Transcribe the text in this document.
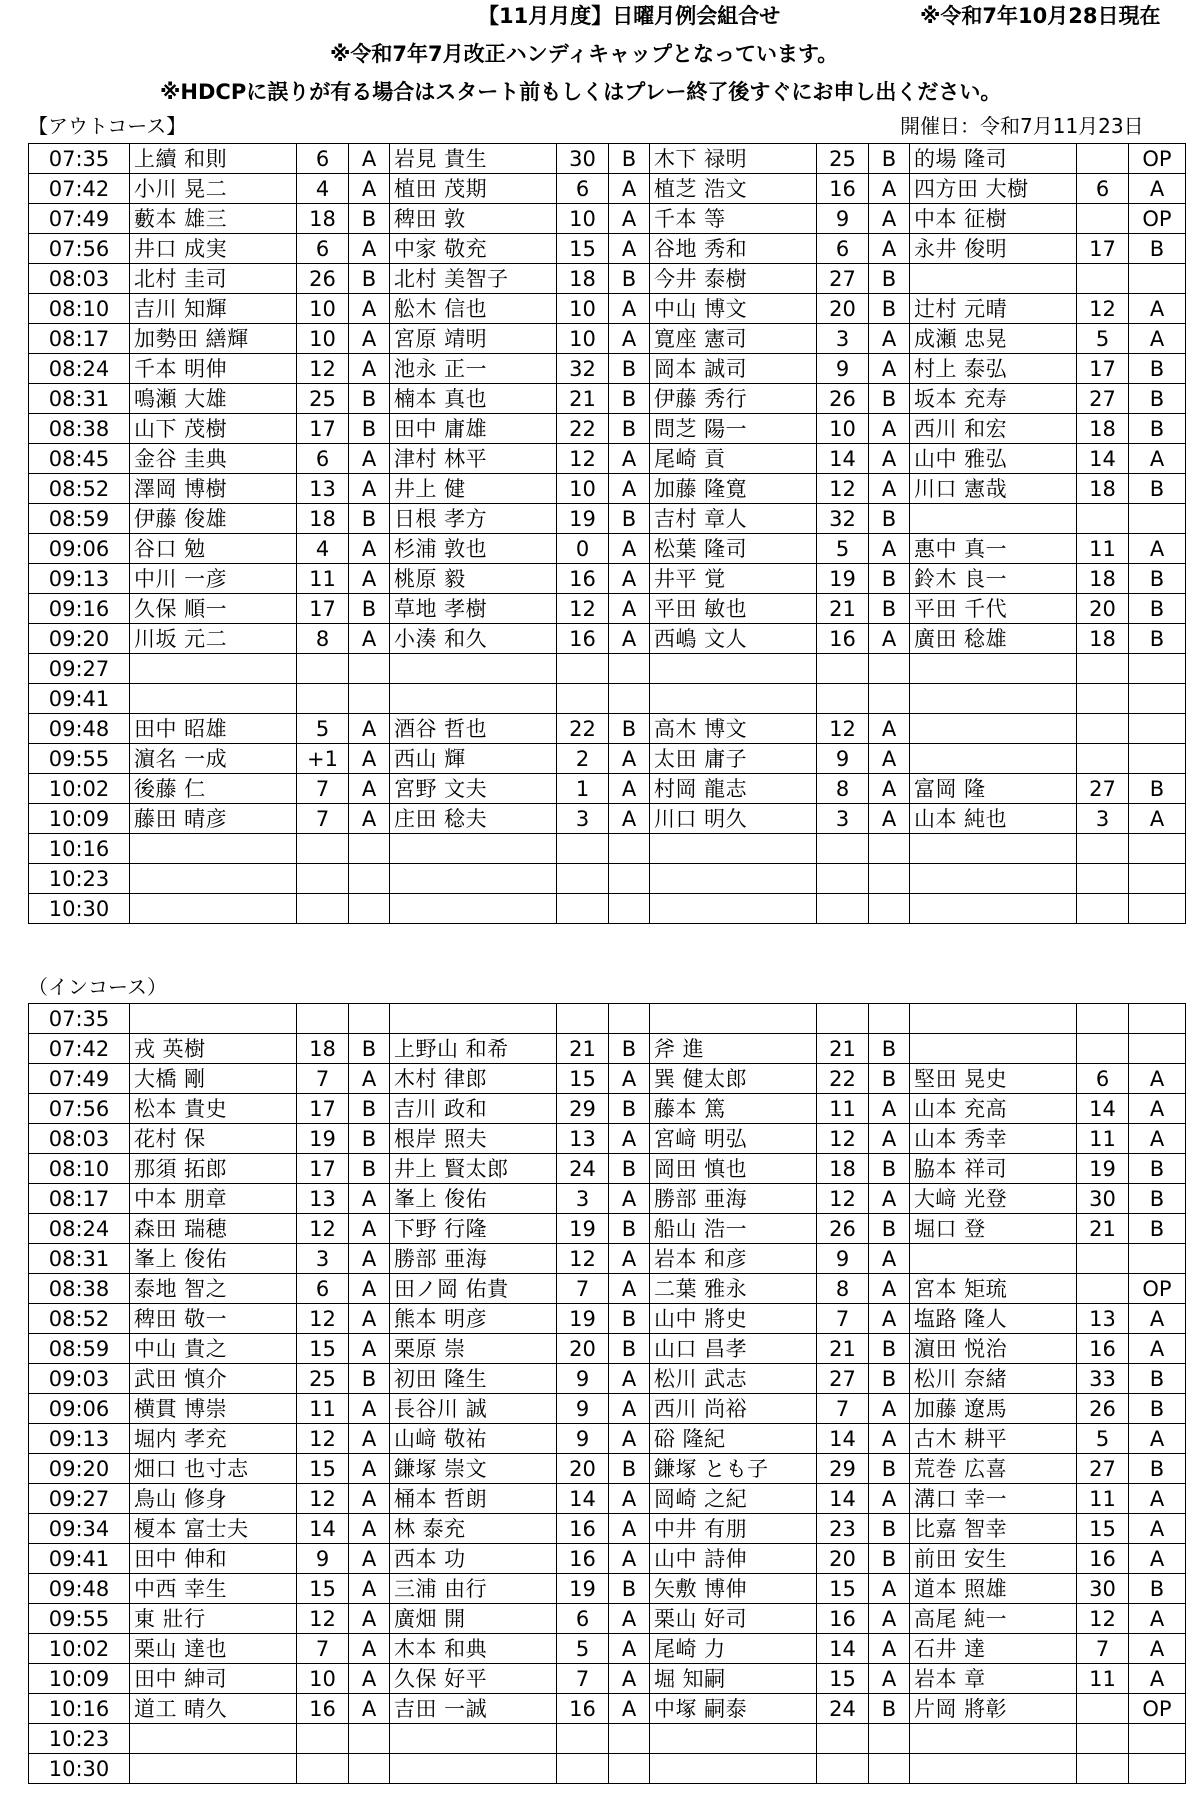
【11月月度】日曜月例会組合せ	※令和7年10月28日現在
※令和7年7月改正ハンディキャップとなっています。
※HDCPに誤りが有る場合はスタート前もしくはプレー終了後すぐにお申し出ください。
【アウトコース】	開催日：令和7月11月23日
07:35	上續 和則	6	A	岩見 貴生	30	B	木下 禄明	25	B	的場 隆司		OP
07:42	小川 晃二	4	A	植田 茂期	6	A	植芝 浩文	16	A	四方田 大樹	6	A
07:49	藪本 雄三	18	B	稗田 敦	10	A	千本 等	9	A	中本 征樹		OP
07:56	井口 成実	6	A	中家 敬充	15	A	谷地 秀和	6	A	永井 俊明	17	B
08:03	北村 圭司	26	B	北村 美智子	18	B	今井 泰樹	27	B			
08:10	吉川 知輝	10	A	舩木 信也	10	A	中山 博文	20	B	辻村 元晴	12	A
08:17	加勢田 繕輝	10	A	宮原 靖明	10	A	寛座 憲司	3	A	成瀬 忠晃	5	A
08:24	千本 明伸	12	A	池永 正一	32	B	岡本 誠司	9	A	村上 泰弘	17	B
08:31	鳴瀬 大雄	25	B	楠本 真也	21	B	伊藤 秀行	26	B	坂本 充寿	27	B
08:38	山下 茂樹	17	B	田中 庸雄	22	B	問芝 陽一	10	A	西川 和宏	18	B
08:45	金谷 圭典	6	A	津村 林平	12	A	尾崎 貢	14	A	山中 雅弘	14	A
08:52	澤岡 博樹	13	A	井上 健	10	A	加藤 隆寛	12	A	川口 憲哉	18	B
08:59	伊藤 俊雄	18	B	日根 孝方	19	B	吉村 章人	32	B			
09:06	谷口 勉	4	A	杉浦 敦也	0	A	松葉 隆司	5	A	惠中 真一	11	A
09:13	中川 一彦	11	A	桃原 毅	16	A	井平 覚	19	B	鈴木 良一	18	B
09:16	久保 順一	17	B	草地 孝樹	12	A	平田 敏也	21	B	平田 千代	20	B
09:20	川坂 元二	8	A	小湊 和久	16	A	西嶋 文人	16	A	廣田 稔雄	18	B
09:27												
09:41												
09:48	田中 昭雄	5	A	酒谷 哲也	22	B	高木 博文	12	A			
09:55	濵名 一成	+1	A	西山 輝	2	A	太田 庸子	9	A			
10:02	後藤 仁	7	A	宮野 文夫	1	A	村岡 龍志	8	A	富岡 隆	27	B
10:09	藤田 晴彦	7	A	庄田 稔夫	3	A	川口 明久	3	A	山本 純也	3	A
10:16												
10:23												
10:30												
（インコース）
07:35												
07:42	戎 英樹	18	B	上野山 和希	21	B	斧 進	21	B			
07:49	大橋 剛	7	A	木村 律郎	15	A	巽 健太郎	22	B	堅田 晃史	6	A
07:56	松本 貴史	17	B	吉川 政和	29	B	藤本 篤	11	A	山本 充高	14	A
08:03	花村 保	19	B	根岸 照夫	13	A	宮﨑 明弘	12	A	山本 秀幸	11	A
08:10	那須 拓郎	17	B	井上 賢太郎	24	B	岡田 慎也	18	B	脇本 祥司	19	B
08:17	中本 朋章	13	A	峯上 俊佑	3	A	勝部 亜海	12	A	大﨑 光登	30	B
08:24	森田 瑞穂	12	A	下野 行隆	19	B	船山 浩一	26	B	堀口 登	21	B
08:31	峯上 俊佑	3	A	勝部 亜海	12	A	岩本 和彦	9	A			
08:38	泰地 智之	6	A	田ノ岡 佑貴	7	A	二葉 雅永	8	A	宮本 矩琉		OP
08:52	稗田 敬一	12	A	熊本 明彦	19	B	山中 將史	7	A	塩路 隆人	13	A
08:59	中山 貴之	15	A	栗原 崇	20	B	山口 昌孝	21	B	濵田 悦治	16	A
09:03	武田 慎介	25	B	初田 隆生	9	A	松川 武志	27	B	松川 奈緒	33	B
09:06	横貫 博崇	11	A	長谷川 誠	9	A	西川 尚裕	7	A	加藤 遼馬	26	B
09:13	堀内 孝充	12	A	山﨑 敬祐	9	A	硲 隆紀	14	A	古木 耕平	5	A
09:20	畑口 也寸志	15	A	鎌塚 崇文	20	B	鎌塚 とも子	29	B	荒巻 広喜	27	B
09:27	鳥山 修身	12	A	桶本 哲朗	14	A	岡崎 之紀	14	A	溝口 幸一	11	A
09:34	榎本 富士夫	14	A	林 泰充	16	A	中井 有朋	23	B	比嘉 智幸	15	A
09:41	田中 伸和	9	A	西本 功	16	A	山中 詩伸	20	B	前田 安生	16	A
09:48	中西 幸生	15	A	三浦 由行	19	B	矢敷 博伸	15	A	道本 照雄	30	B
09:55	東 壯行	12	A	廣畑 開	6	A	栗山 好司	16	A	高尾 純一	12	A
10:02	栗山 達也	7	A	木本 和典	5	A	尾崎 力	14	A	石井 達	7	A
10:09	田中 紳司	10	A	久保 好平	7	A	堀 知嗣	15	A	岩本 章	11	A
10:16	道工 晴久	16	A	吉田 一誠	16	A	中塚 嗣泰	24	B	片岡 將彰		OP
10:23												
10:30												
